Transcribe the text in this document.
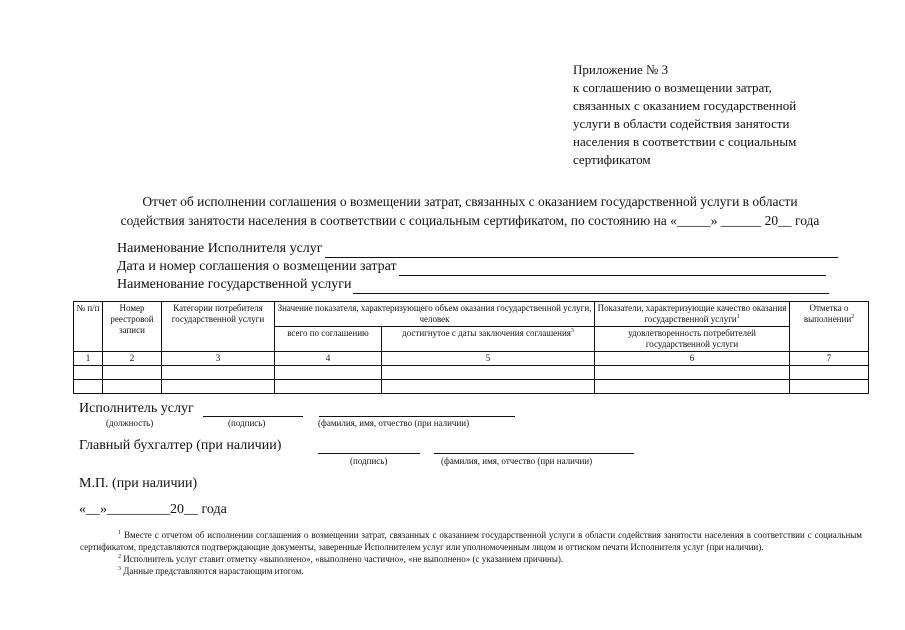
Приложение № 3
к соглашению о возмещении затрат,
связанных с оказанием государственной
услуги в области содействия занятости
населения в соответствии с социальным
сертификатом
Отчет об исполнении соглашения о возмещении затрат, связанных с оказанием государственной услуги в области
содействия занятости населения в соответствии с социальным сертификатом, по состоянию на «_____» ______ 20__ года
Наименование Исполнителя услуг
Дата и номер соглашения о возмещении затрат
Наименование государственной услуги
№ п/п	Номер реестровой записи	Категории потребителя государственной услуги	Значение показателя, характеризующего объем оказания государственной услуги, человек		Показатели, характеризующие качество оказания государственной услуги$^1$	Отметка о выполнении$^2$
			всего по соглашению	достигнутое с даты заключения соглашения$^3$	удовлетворенность потребителей государственной услуги	
1	2	3	4	5	6	7

Исполнитель услуг
(должность)	(подпись)	(фамилия, имя, отчество (при наличии)
Главный бухгалтер (при наличии)
(подпись)	(фамилия, имя, отчество (при наличии)
М.П. (при наличии)
«__»_________20__ года

$^1$ Вместе с отчетом об исполнении соглашения о возмещении затрат, связанных с оказанием государственной услуги в области содействия занятости населения в соответствии с социальным сертификатом, представляются подтверждающие документы, заверенные Исполнителем услуг или уполномоченным лицом и оттиском печати Исполнителя услуг (при наличии).

$^2$ Исполнитель услуг ставит отметку «выполнено», «выполнено частично», «не выполнено» (с указанием причины).

$^3$ Данные представляются нарастающим итогом.
